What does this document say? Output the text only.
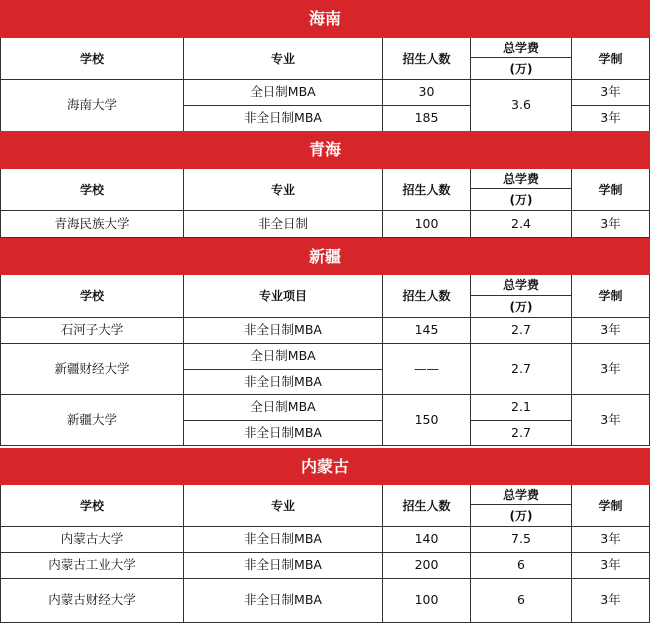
海南				
学校	专业	招生人数	总学费	学制
			(万)	
海南大学	全日制MBA	30	3.6	3年
	非全日制MBA	185		3年
青海				
学校	专业	招生人数	总学费	学制
			(万)	
青海民族大学	非全日制	100	2.4	3年
新疆				
学校	专业项目	招生人数	总学费	学制
			(万)	
石河子大学	非全日制MBA	145	2.7	3年
新疆财经大学	全日制MBA	——	2.7	3年
	非全日制MBA			
新疆大学	全日制MBA	150	2.1	3年
	非全日制MBA		2.7	
内蒙古				
学校	专业	招生人数	总学费	学制
			(万)	
内蒙古大学	非全日制MBA	140	7.5	3年
内蒙古工业大学	非全日制MBA	200	6	3年
内蒙古财经大学	非全日制MBA	100	6	3年
